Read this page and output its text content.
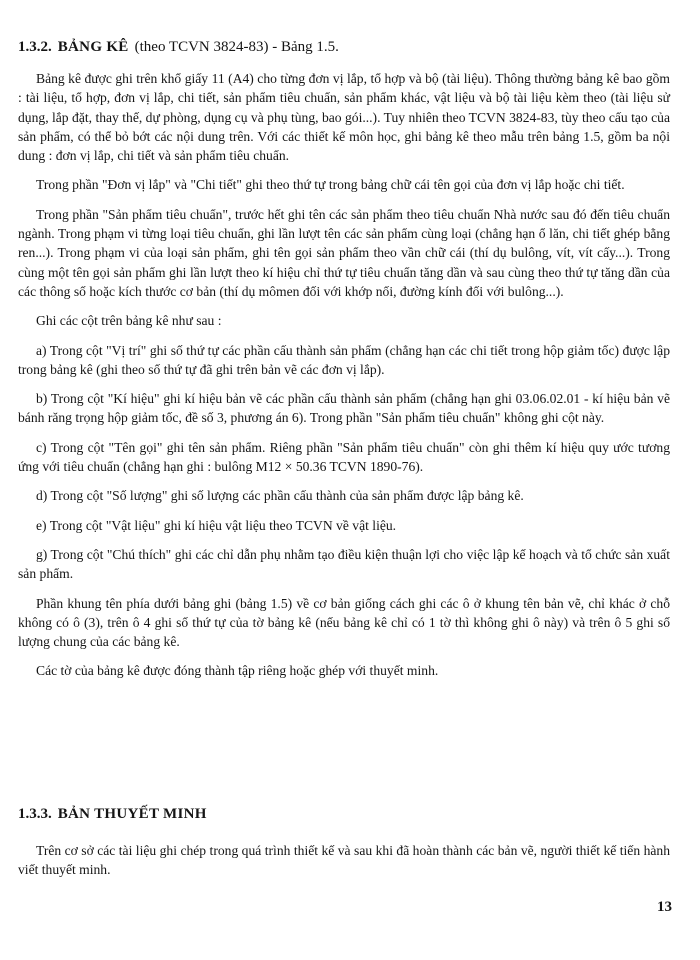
1.3.2. BẢNG KÊ (theo TCVN 3824-83) - Bảng 1.5.

Bảng kê được ghi trên khổ giấy 11 (A4) cho từng đơn vị lắp, tổ hợp và bộ (tài liệu). Thông thường bảng kê bao gồm : tài liệu, tổ hợp, đơn vị lắp, chi tiết, sản phẩm tiêu chuẩn, sản phẩm khác, vật liệu và bộ tài liệu kèm theo (tài liệu sử dụng, lắp đặt, thay thế, dự phòng, dụng cụ và phụ tùng, bao gói...). Tuy nhiên theo TCVN 3824-83, tùy theo cấu tạo của sản phẩm, có thể bỏ bớt các nội dung trên. Với các thiết kế môn học, ghi bảng kê theo mẫu trên bảng 1.5, gồm ba nội dung : đơn vị lắp, chi tiết và sản phẩm tiêu chuẩn.

Trong phần "Đơn vị lắp" và "Chi tiết" ghi theo thứ tự trong bảng chữ cái tên gọi của đơn vị lắp hoặc chi tiết.

Trong phần "Sản phẩm tiêu chuẩn", trước hết ghi tên các sản phẩm theo tiêu chuẩn Nhà nước sau đó đến tiêu chuẩn ngành. Trong phạm vi từng loại tiêu chuẩn, ghi lần lượt tên các sản phẩm cùng loại (chẳng hạn ổ lăn, chi tiết ghép bằng ren...). Trong phạm vi của loại sản phẩm, ghi tên gọi sản phẩm theo vần chữ cái (thí dụ bulông, vít, vít cấy...). Trong cùng một tên gọi sản phẩm ghi lần lượt theo kí hiệu chỉ thứ tự tiêu chuẩn tăng dần và sau cùng theo thứ tự tăng dần của các thông số hoặc kích thước cơ bản (thí dụ mômen đối với khớp nối, đường kính đối với bulông...).

Ghi các cột trên bảng kê như sau :

a) Trong cột "Vị trí" ghi số thứ tự các phần cấu thành sản phẩm (chẳng hạn các chi tiết trong hộp giảm tốc) được lập trong bảng kê (ghi theo số thứ tự đã ghi trên bản vẽ các đơn vị lắp).

b) Trong cột "Kí hiệu" ghi kí hiệu bản vẽ các phần cấu thành sản phẩm (chẳng hạn ghi 03.06.02.01 - kí hiệu bản vẽ bánh răng trọng hộp giảm tốc, đề số 3, phương án 6). Trong phần "Sản phẩm tiêu chuẩn" không ghi cột này.

c) Trong cột "Tên gọi" ghi tên sản phẩm. Riêng phần "Sản phẩm tiêu chuẩn" còn ghi thêm kí hiệu quy ước tương ứng với tiêu chuẩn (chẳng hạn ghi : bulông M12 × 50.36 TCVN 1890-76).

d) Trong cột "Số lượng" ghi số lượng các phần cấu thành của sản phẩm được lập bảng kê.

e) Trong cột "Vật liệu" ghi kí hiệu vật liệu theo TCVN về vật liệu.

g) Trong cột "Chú thích" ghi các chỉ dẫn phụ nhằm tạo điều kiện thuận lợi cho việc lập kế hoạch và tổ chức sản xuất sản phẩm.

Phần khung tên phía dưới bảng ghi (bảng 1.5) về cơ bản giống cách ghi các ô ở khung tên bản vẽ, chỉ khác ở chỗ không có ô (3), trên ô 4 ghi số thứ tự của tờ bảng kê (nếu bảng kê chỉ có 1 tờ thì không ghi ô này) và trên ô 5 ghi số lượng chung của các bảng kê.

Các tờ của bảng kê được đóng thành tập riêng hoặc ghép với thuyết minh.

1.3.3. BẢN THUYẾT MINH

Trên cơ sở các tài liệu ghi chép trong quá trình thiết kế và sau khi đã hoàn thành các bản vẽ, người thiết kế tiến hành viết thuyết minh.

13
